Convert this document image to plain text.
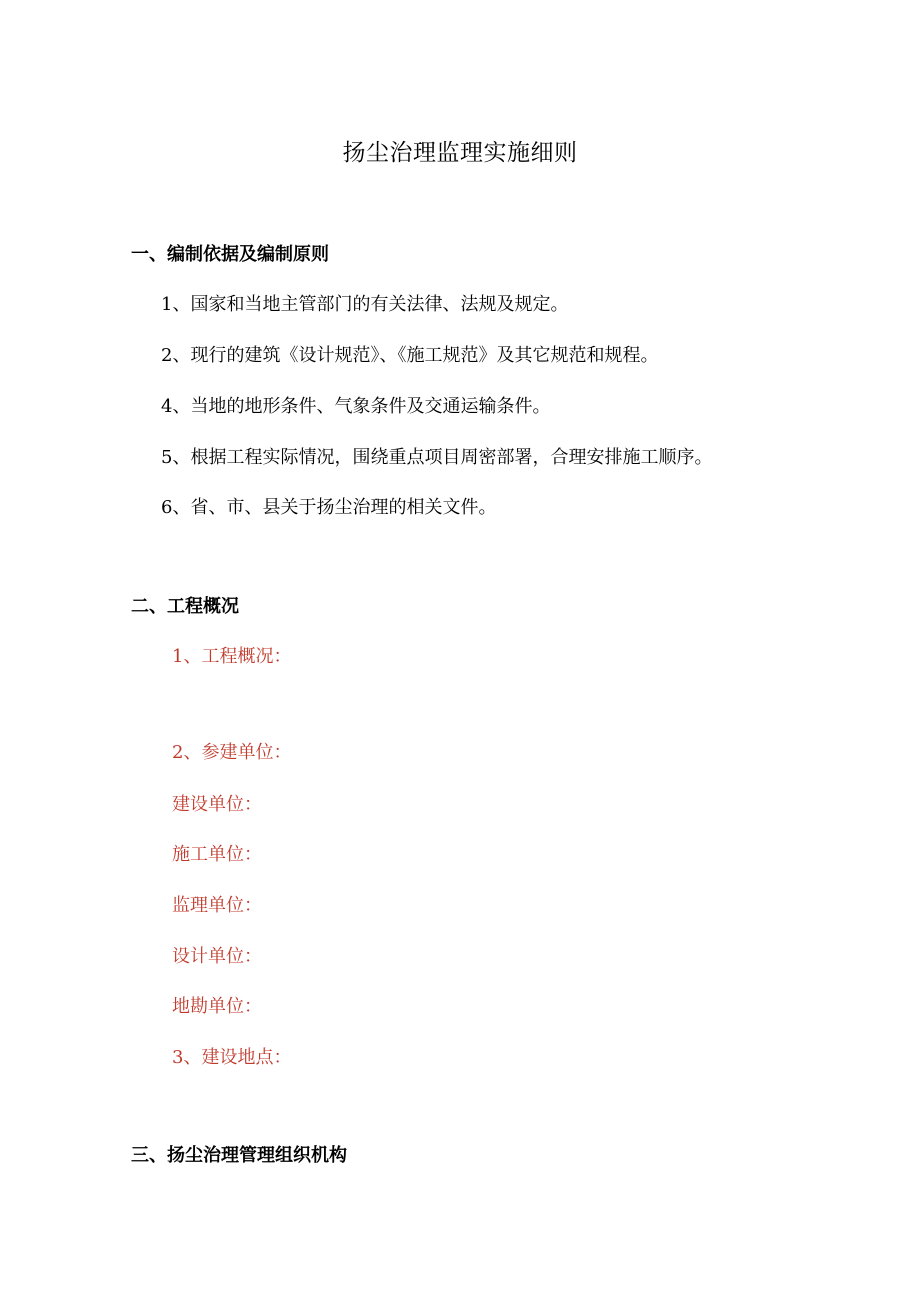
扬尘治理监理实施细则
一、编制依据及编制原则
1、国家和当地主管部门的有关法律、法规及规定。
2、现行的建筑《设计规范》、《施工规范》及其它规范和规程。
4、当地的地形条件、气象条件及交通运输条件。
5、根据工程实际情况，围绕重点项目周密部署，合理安排施工顺序。
6、省、市、县关于扬尘治理的相关文件。
二、工程概况
1、工程概况：
2、参建单位：
建设单位：
施工单位：
监理单位：
设计单位：
地勘单位：
3、建设地点：
三、扬尘治理管理组织机构
